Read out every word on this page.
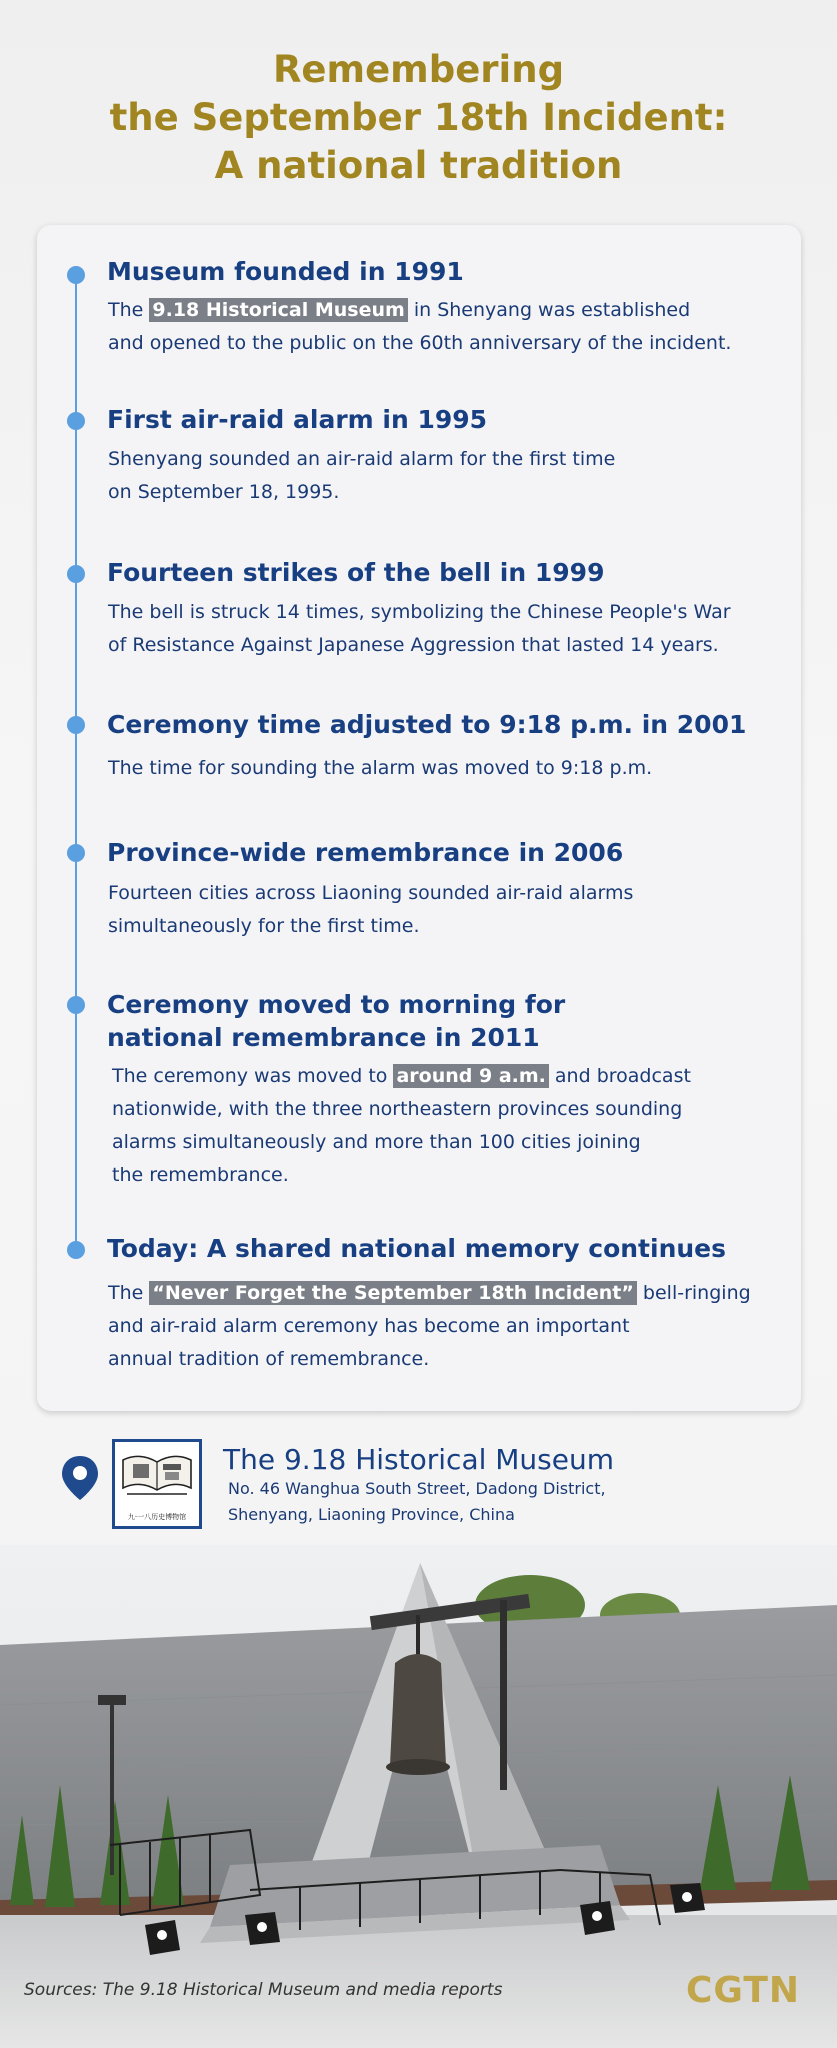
Remembering
the September 18th Incident:
A national tradition
Museum founded in 1991
The 9.18 Historical Museum in Shenyang was established
and opened to the public on the 60th anniversary of the incident.
First air-raid alarm in 1995
Shenyang sounded an air-raid alarm for the first time
on September 18, 1995.
Fourteen strikes of the bell in 1999
The bell is struck 14 times, symbolizing the Chinese People's War
of Resistance Against Japanese Aggression that lasted 14 years.
Ceremony time adjusted to 9:18 p.m. in 2001
The time for sounding the alarm was moved to 9:18 p.m.
Province-wide remembrance in 2006
Fourteen cities across Liaoning sounded air-raid alarms
simultaneously for the first time.
Ceremony moved to morning for
national remembrance in 2011
The ceremony was moved to around 9 a.m. and broadcast
nationwide, with the three northeastern provinces sounding
alarms simultaneously and more than 100 cities joining
the remembrance.
Today: A shared national memory continues
The “Never Forget the September 18th Incident” bell-ringing
and air-raid alarm ceremony has become an important
annual tradition of remembrance.
九·一八历史博物馆
The 9.18 Historical Museum
No. 46 Wanghua South Street, Dadong District,
Shenyang, Liaoning Province, China
Sources: The 9.18 Historical Museum and media reports	CGTN
